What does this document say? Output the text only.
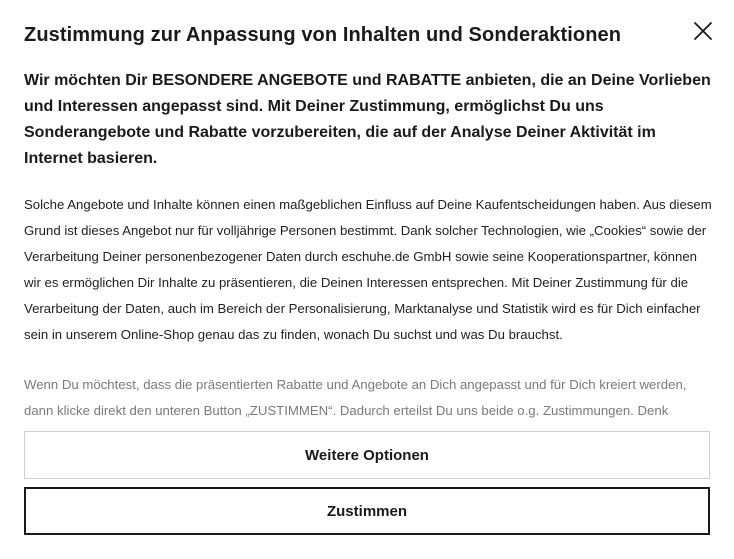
Zustimmung zur Anpassung von Inhalten und Sonderaktionen

Wir möchten Dir BESONDERE ANGEBOTE und RABATTE anbieten, die an Deine Vorlieben und Interessen angepasst sind. Mit Deiner Zustimmung, ermöglichst Du uns Sonderangebote und Rabatte vorzubereiten, die auf der Analyse Deiner Aktivität im Internet basieren.

Solche Angebote und Inhalte können einen maßgeblichen Einfluss auf Deine Kaufentscheidungen haben. Aus diesem Grund ist dieses Angebot nur für volljährige Personen bestimmt. Dank solcher Technologien, wie „Cookies“ sowie der Verarbeitung Deiner personenbezogener Daten durch eschuhe.de GmbH sowie seine Kooperationspartner, können wir es ermöglichen Dir Inhalte zu präsentieren, die Deinen Interessen entsprechen. Mit Deiner Zustimmung für die Verarbeitung der Daten, auch im Bereich der Personalisierung, Marktanalyse und Statistik wird es für Dich einfacher sein in unserem Online-Shop genau das zu finden, wonach Du suchst und was Du brauchst.

Wenn Du möchtest, dass die präsentierten Rabatte und Angebote an Dich angepasst und für Dich kreiert werden, dann klicke direkt den unteren Button „ZUSTIMMEN“. Dadurch erteilst Du uns beide o.g. Zustimmungen. Denk

Weitere Optionen
Zustimmen
